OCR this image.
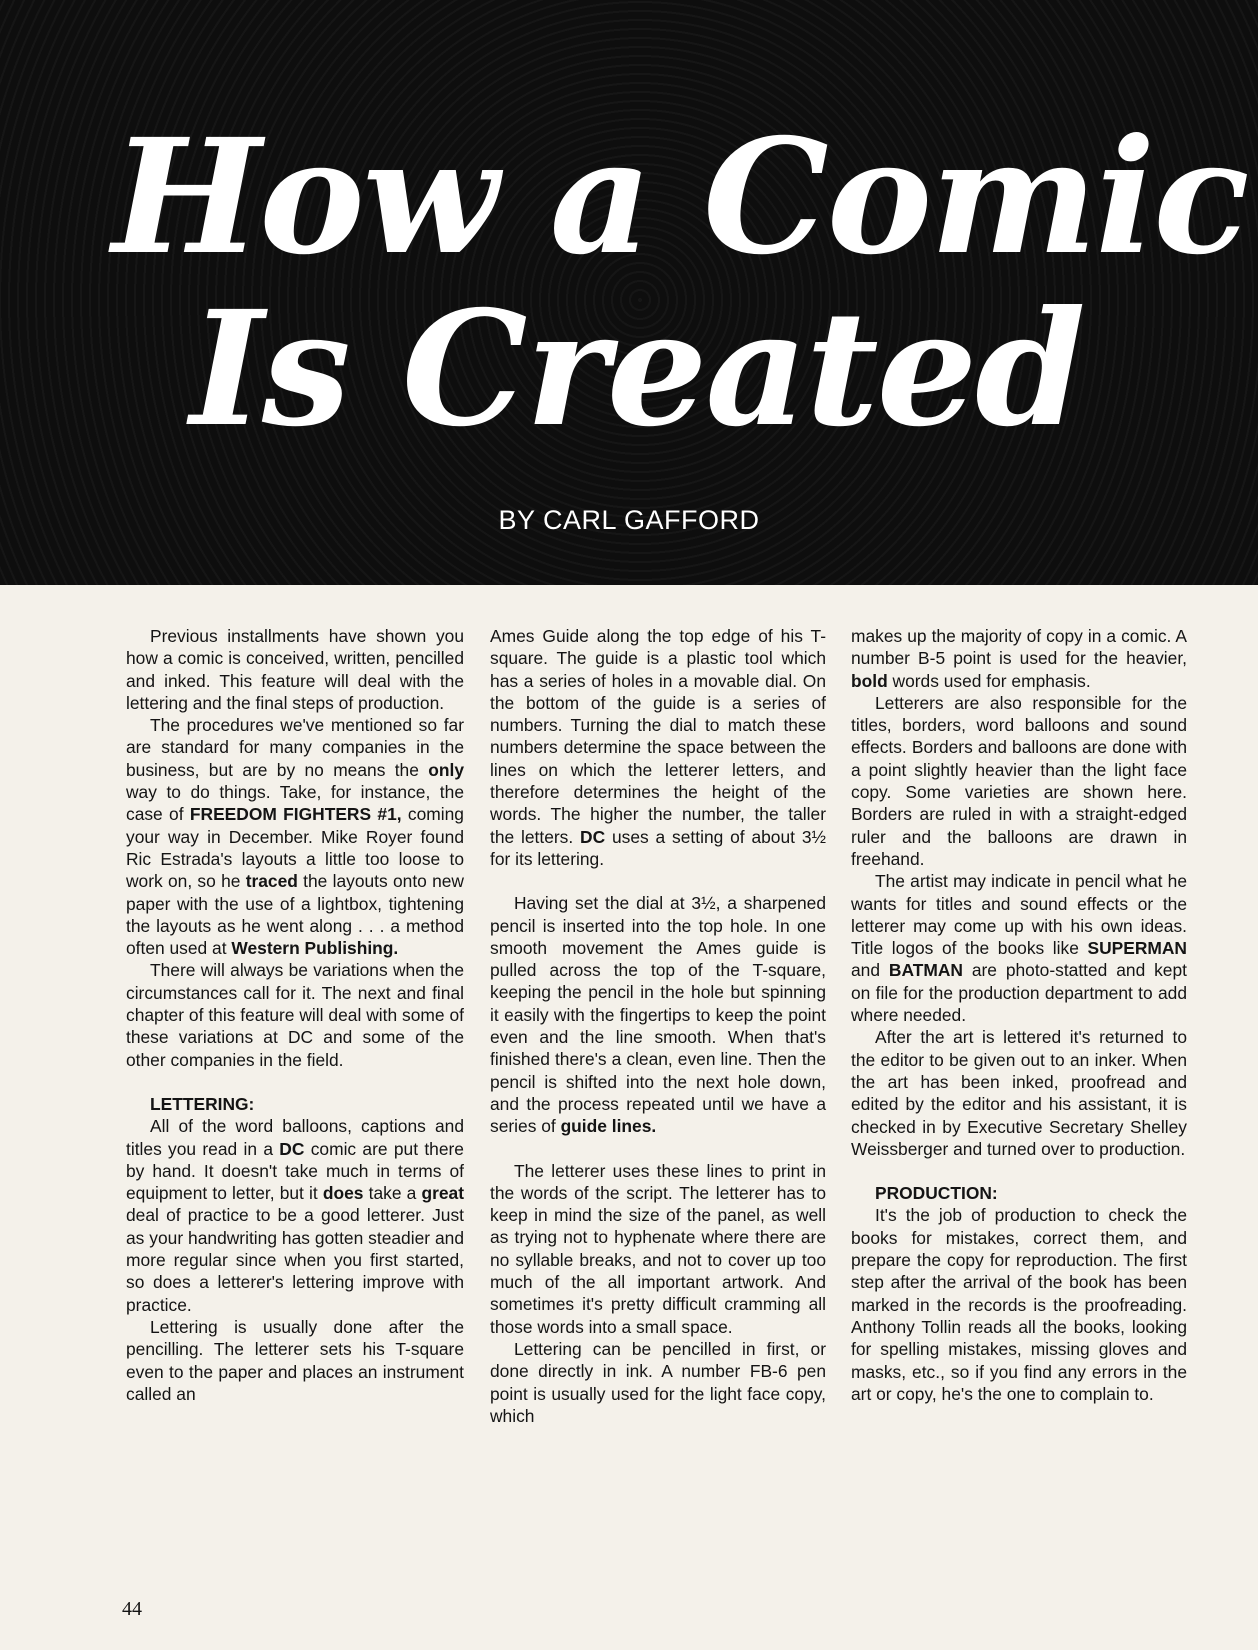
How a Comic
Is Created
BY CARL GAFFORD

Previous installments have shown you how a comic is conceived, written, pencilled and inked. This feature will deal with the lettering and the final steps of production.

The procedures we've mentioned so far are standard for many companies in the business, but are by no means the only way to do things. Take, for instance, the case of FREEDOM FIGHTERS #1, coming your way in December. Mike Royer found Ric Estrada's layouts a little too loose to work on, so he traced the layouts onto new paper with the use of a lightbox, tightening the layouts as he went along . . . a method often used at Western Publishing.

There will always be variations when the circumstances call for it. The next and final chapter of this feature will deal with some of these variations at DC and some of the other companies in the field.

LETTERING:

All of the word balloons, captions and titles you read in a DC comic are put there by hand. It doesn't take much in terms of equipment to letter, but it does take a great deal of practice to be a good letterer. Just as your handwriting has gotten steadier and more regular since when you first started, so does a letterer's lettering improve with practice.

Lettering is usually done after the pencilling. The letterer sets his T-square even to the paper and places an instrument called an

Ames Guide along the top edge of his T-square. The guide is a plastic tool which has a series of holes in a movable dial. On the bottom of the guide is a series of numbers. Turning the dial to match these numbers determine the space between the lines on which the letterer letters, and therefore determines the height of the words. The higher the number, the taller the letters. DC uses a setting of about 3½ for its lettering.

Having set the dial at 3½, a sharpened pencil is inserted into the top hole. In one smooth movement the Ames guide is pulled across the top of the T-square, keeping the pencil in the hole but spinning it easily with the fingertips to keep the point even and the line smooth. When that's finished there's a clean, even line. Then the pencil is shifted into the next hole down, and the process repeated until we have a series of guide lines.

The letterer uses these lines to print in the words of the script. The letterer has to keep in mind the size of the panel, as well as trying not to hyphenate where there are no syllable breaks, and not to cover up too much of the all important artwork. And sometimes it's pretty difficult cramming all those words into a small space.

Lettering can be pencilled in first, or done directly in ink. A number FB-6 pen point is usually used for the light face copy, which

makes up the majority of copy in a comic. A number B-5 point is used for the heavier, bold words used for emphasis.

Letterers are also responsible for the titles, borders, word balloons and sound effects. Borders and balloons are done with a point slightly heavier than the light face copy. Some varieties are shown here. Borders are ruled in with a straight-edged ruler and the balloons are drawn in freehand.

The artist may indicate in pencil what he wants for titles and sound effects or the letterer may come up with his own ideas. Title logos of the books like SUPERMAN and BATMAN are photo-statted and kept on file for the production department to add where needed.

After the art is lettered it's returned to the editor to be given out to an inker. When the art has been inked, proofread and edited by the editor and his assistant, it is checked in by Executive Secretary Shelley Weissberger and turned over to production.

PRODUCTION:

It's the job of production to check the books for mistakes, correct them, and prepare the copy for reproduction. The first step after the arrival of the book has been marked in the records is the proofreading. Anthony Tollin reads all the books, looking for spelling mistakes, missing gloves and masks, etc., so if you find any errors in the art or copy, he's the one to complain to.

44
